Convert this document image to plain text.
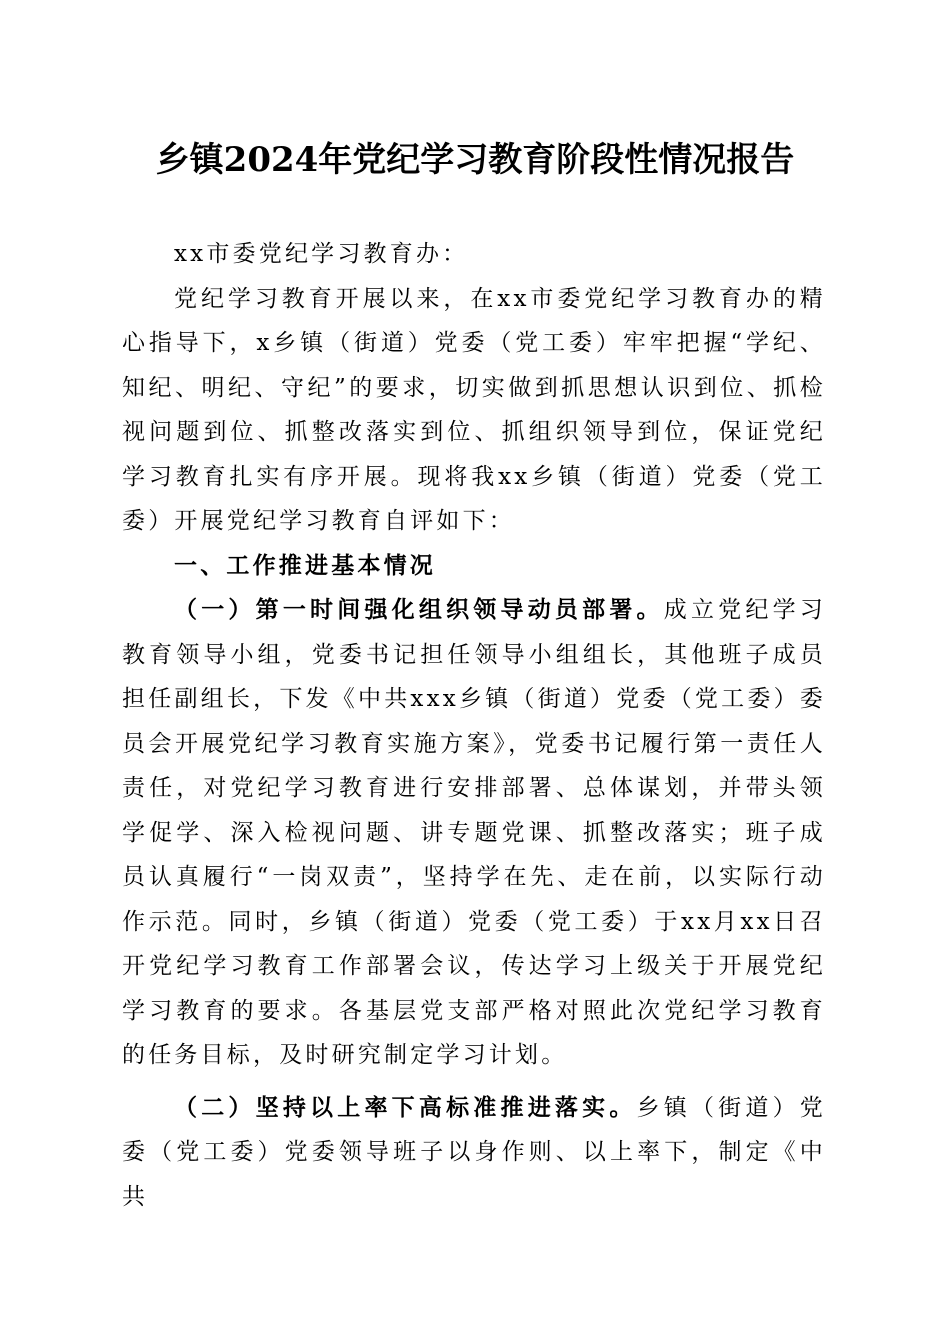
乡镇2024年党纪学习教育阶段性情况报告

xx市委党纪学习教育办：

党纪学习教育开展以来，在xx市委党纪学习教育办的精心指导下，x乡镇（街道）党委（党工委）牢牢把握“学纪、知纪、明纪、守纪”的要求，切实做到抓思想认识到位、抓检视问题到位、抓整改落实到位、抓组织领导到位，保证党纪学习教育扎实有序开展。现将我xx乡镇（街道）党委（党工委）开展党纪学习教育自评如下：

一、工作推进基本情况

（一）第一时间强化组织领导动员部署。成立党纪学习教育领导小组，党委书记担任领导小组组长，其他班子成员担任副组长，下发《中共xxx乡镇（街道）党委（党工委）委员会开展党纪学习教育实施方案》，党委书记履行第一责任人责任，对党纪学习教育进行安排部署、总体谋划，并带头领学促学、深入检视问题、讲专题党课、抓整改落实；班子成员认真履行“一岗双责”，坚持学在先、走在前，以实际行动作示范。同时，乡镇（街道）党委（党工委）于xx月xx日召开党纪学习教育工作部署会议，传达学习上级关于开展党纪学习教育的要求。各基层党支部严格对照此次党纪学习教育的任务目标，及时研究制定学习计划。

（二）坚持以上率下高标准推进落实。乡镇（街道）党委（党工委）党委领导班子以身作则、以上率下，制定《中共
